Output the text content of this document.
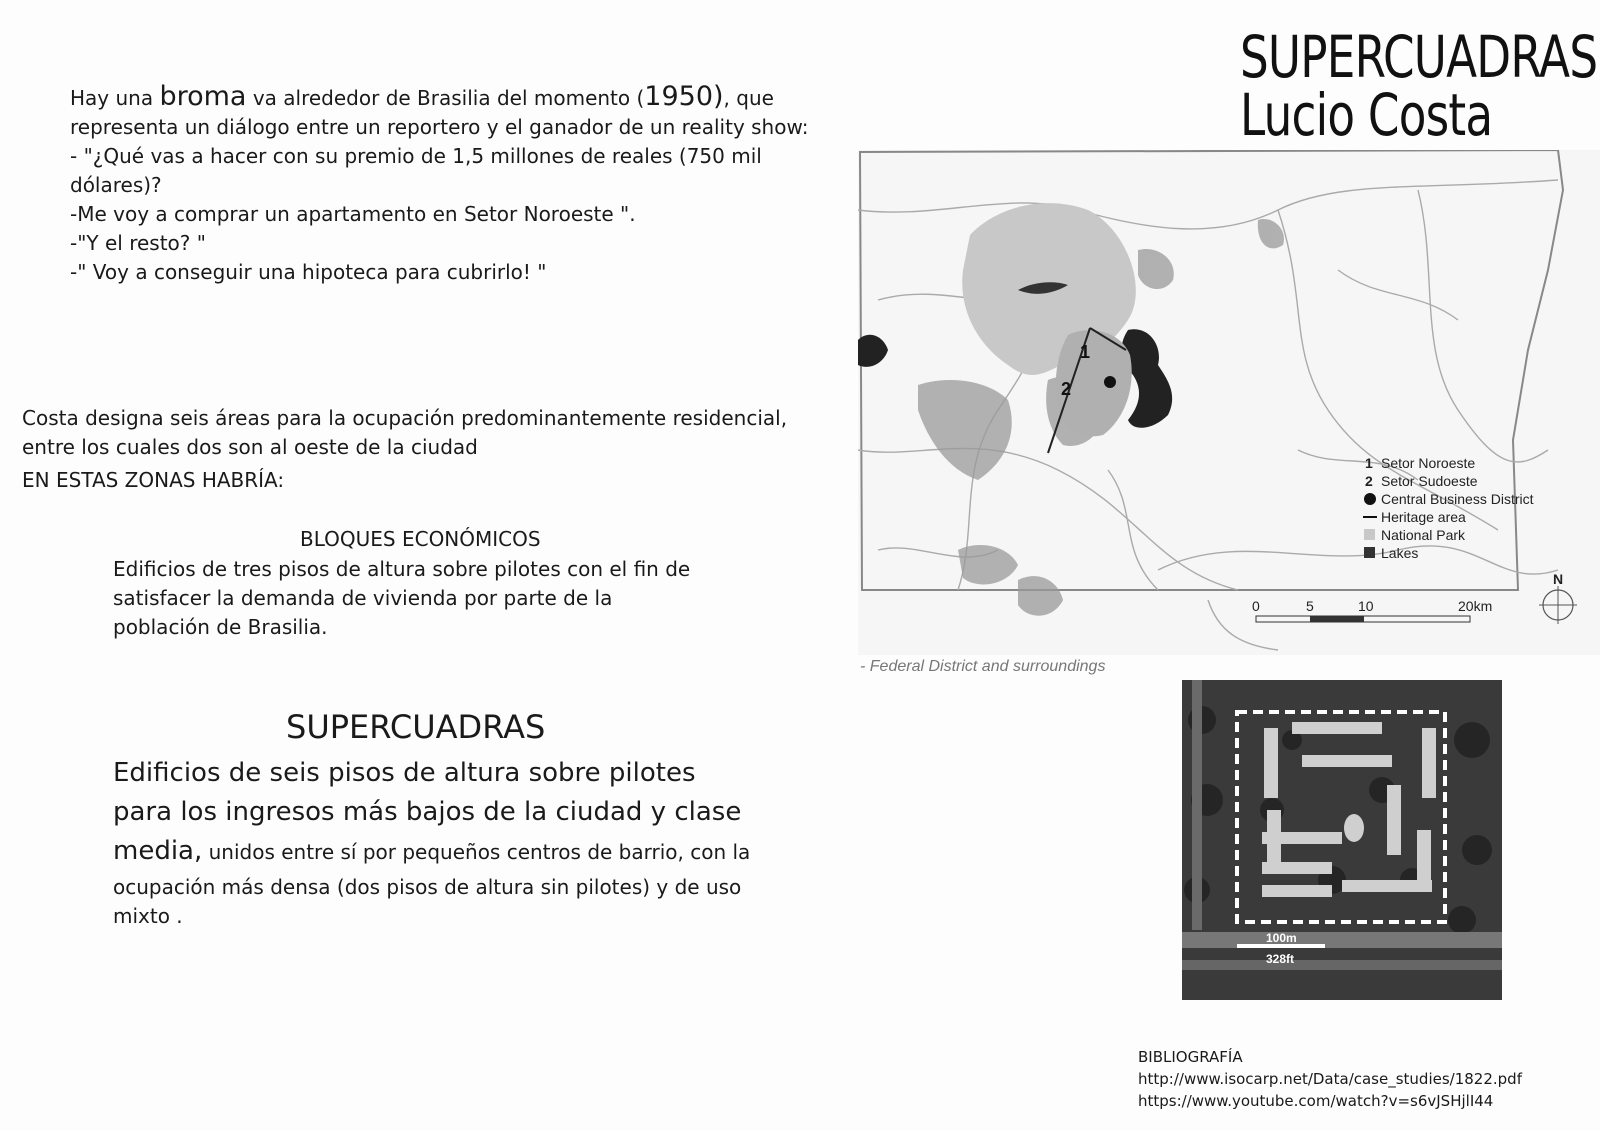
SUPERCUADRAS
Lucio Costa

Hay una broma va alrededor de Brasilia del momento (1950), que

representa un diálogo entre un reportero y el ganador de un reality show:

- "¿Qué vas a hacer con su premio de 1,5 millones de reales (750 mil

dólares)?

-Me voy a comprar un apartamento en Setor Noroeste ".

-"Y el resto? "

-" Voy a conseguir una hipoteca para cubrirlo! "

Costa designa seis áreas para la ocupación predominantemente residencial,

entre los cuales dos son al oeste de la ciudad

EN ESTAS ZONAS HABRÍA:

BLOQUES ECONÓMICOS

Edificios de tres pisos de altura sobre pilotes con el fin de

satisfacer la demanda de vivienda por parte de la

población de Brasilia.

SUPERCUADRAS

Edificios de seis pisos de altura sobre pilotes

para los ingresos más bajos de la ciudad y clase

media, unidos entre sí por pequeños centros de barrio, con la

ocupación más densa (dos pisos de altura sin pilotes) y de uso

mixto .

1
2
1 Setor Noroeste
2 Setor Sudoeste
Central Business District
Heritage area
National Park
Lakes
0	5	10	20km
N
- Federal District and surroundings
100m
328ft
BIBLIOGRAFÍA
http://www.isocarp.net/Data/case_studies/1822.pdf
https://www.youtube.com/watch?v=s6vJSHjlI44
